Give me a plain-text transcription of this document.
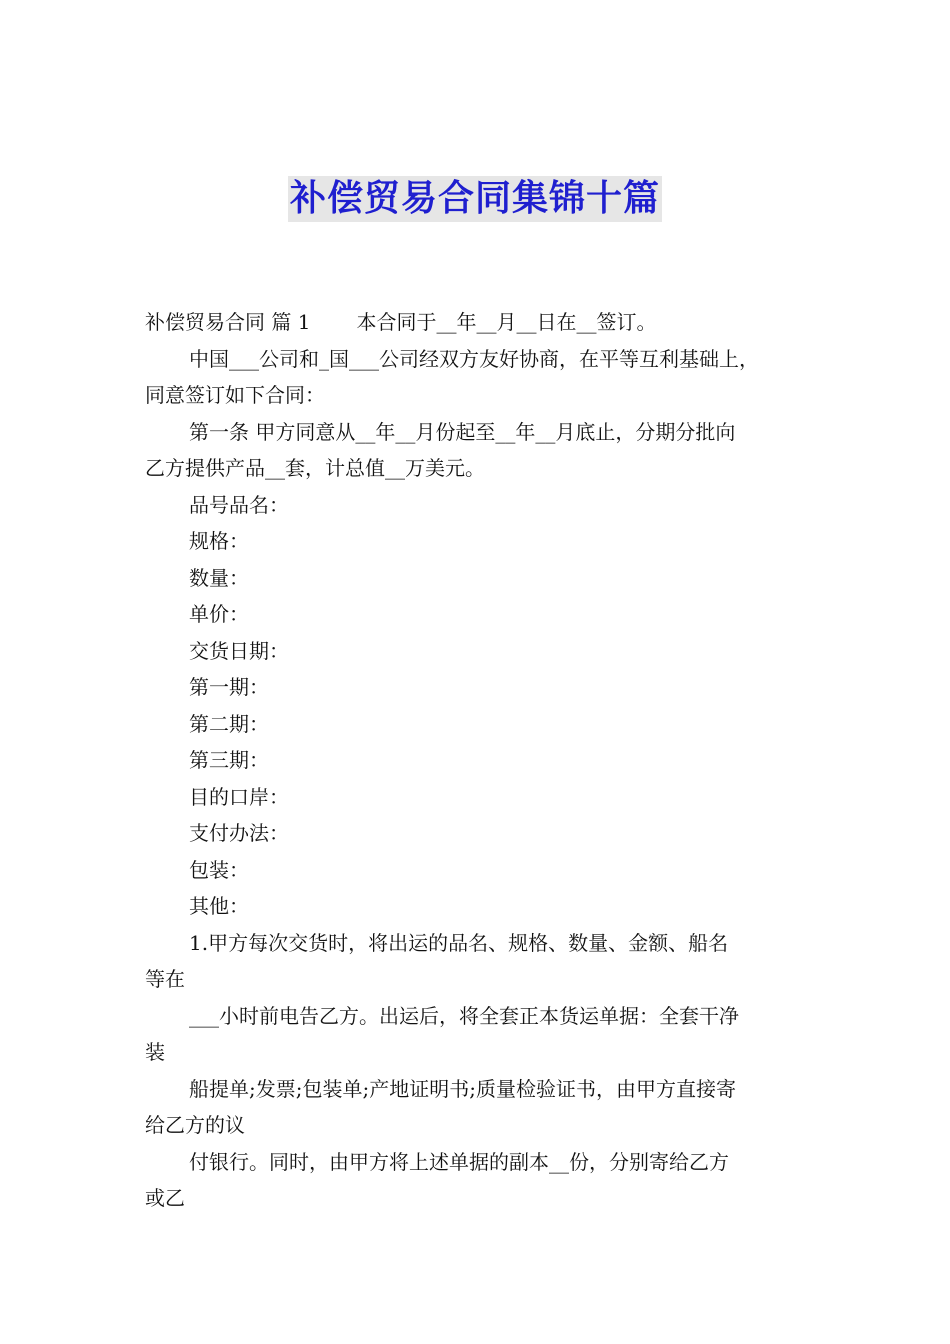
补偿贸易合同集锦十篇
补偿贸易合同 篇 1 本合同于__年__月__日在__签订。
中国___公司和_国___公司经双方友好协商，在平等互利基础上，
同意签订如下合同：
第一条 甲方同意从__年__月份起至__年__月底止，分期分批向
乙方提供产品__套，计总值__万美元。
品号品名：
规格：
数量：
单价：
交货日期：
第一期：
第二期：
第三期：
目的口岸：
支付办法：
包装：
其他：
1.甲方每次交货时，将出运的品名、规格、数量、金额、船名
等在
___小时前电告乙方。出运后，将全套正本货运单据：全套干净
装
船提单;发票;包装单;产地证明书;质量检验证书，由甲方直接寄
给乙方的议
付银行。同时，由甲方将上述单据的副本__份，分别寄给乙方
或乙
